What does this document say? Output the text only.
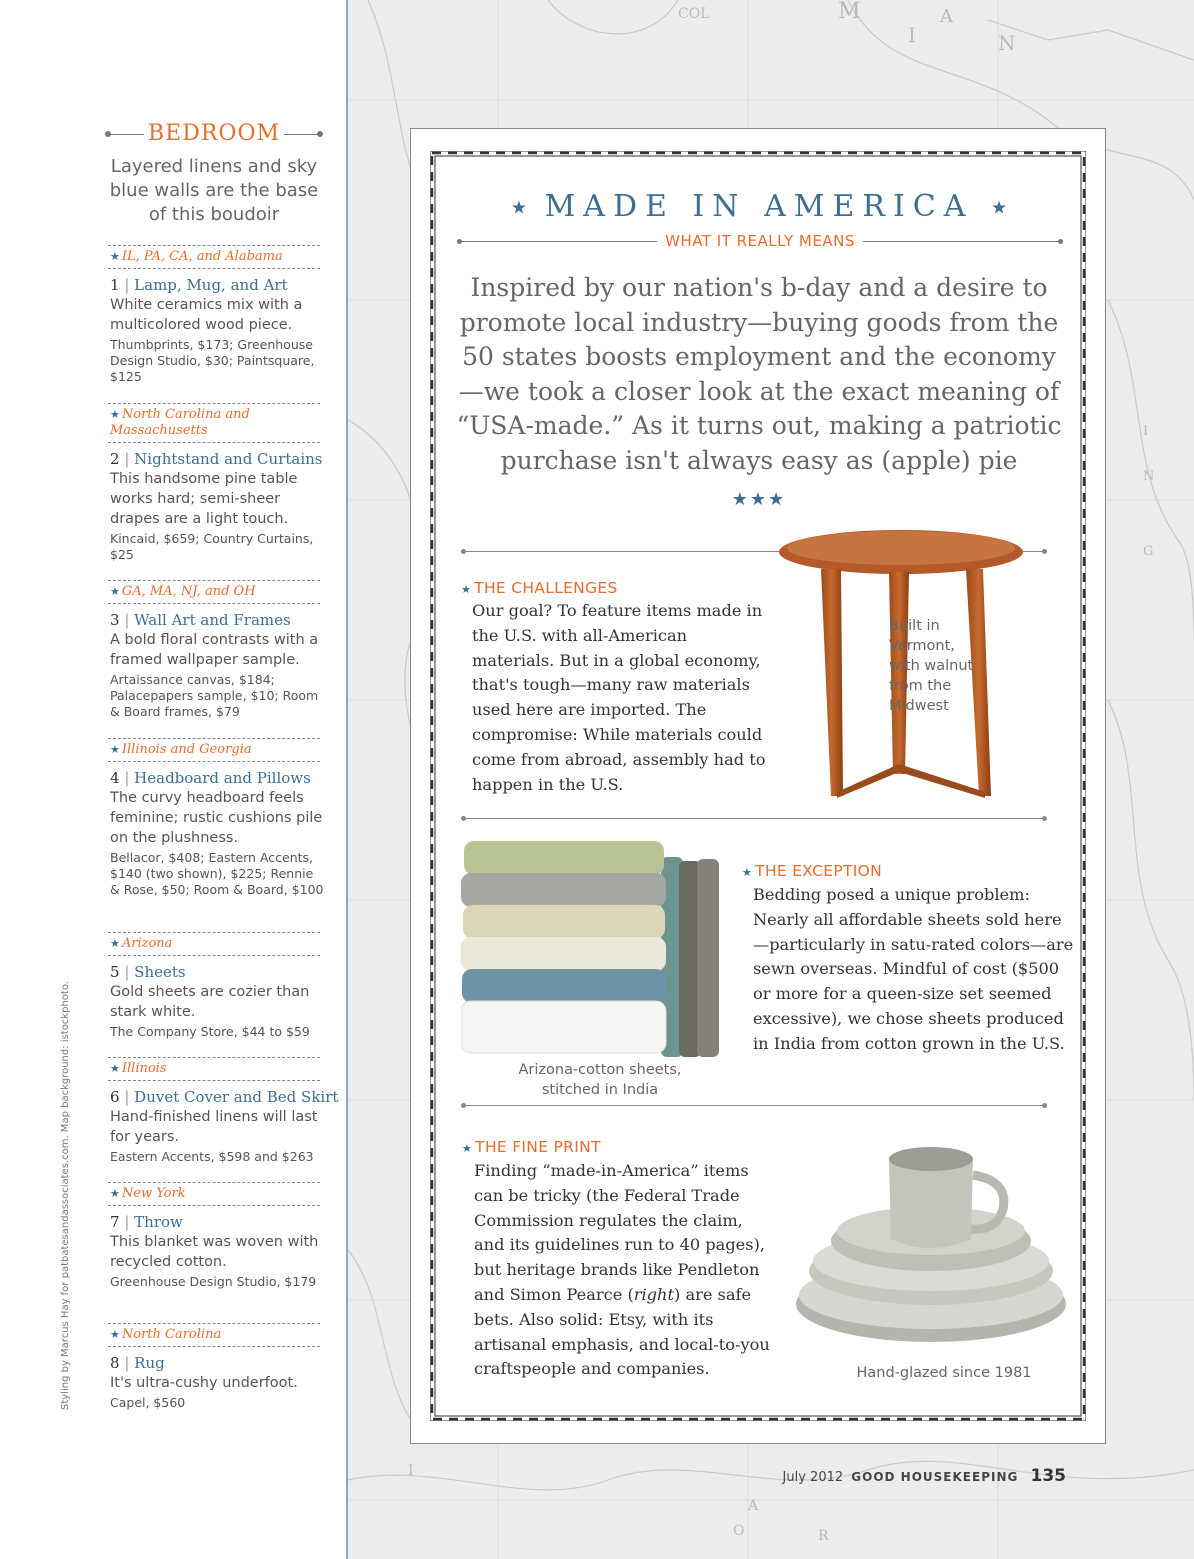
Styling by Marcus Hay for patbatesandassociates.com. Map background: istockphoto.
BEDROOM
Layered linens and sky blue walls are the base of this boudoir
★ IL, PA, CA, and Alabama
1 | Lamp, Mug, and Art
White ceramics mix with a multicolored wood piece.
Thumbprints, $173; Greenhouse Design Studio, $30; Paintsquare, $125
★ North Carolina and Massachusetts
2 | Nightstand and Curtains
This handsome pine table works hard; semi-sheer drapes are a light touch.
Kincaid, $659; Country Curtains, $25
★ GA, MA, NJ, and OH
3 | Wall Art and Frames
A bold floral contrasts with a framed wallpaper sample.
Artaissance canvas, $184; Palacepapers sample, $10; Room & Board frames, $79
★ Illinois and Georgia
4 | Headboard and Pillows
The curvy headboard feels feminine; rustic cushions pile on the plushness.
Bellacor, $408; Eastern Accents, $140 (two shown), $225; Rennie & Rose, $50; Room & Board, $100
★ Arizona
5 | Sheets
Gold sheets are cozier than stark white.
The Company Store, $44 to $59
★ Illinois
6 | Duvet Cover and Bed Skirt
Hand-finished linens will last for years.
Eastern Accents, $598 and $263
★ New York
7 | Throw
This blanket was woven with recycled cotton.
Greenhouse Design Studio, $179
★ North Carolina
8 | Rug
It's ultra-cushy underfoot.
Capel, $560
COL	M
I
A
N
I
N
G
I
A
O	R
★ MADE IN AMERICA ★
WHAT IT REALLY MEANS
Inspired by our nation's b-day and a desire to promote local industry—buying goods from the 50 states boosts employment and the economy—we took a closer look at the exact meaning of “USA-made.” As it turns out, making a patriotic purchase isn't always easy as (apple) pie
★★★
★ THE CHALLENGES
Our goal? To feature items made in the U.S. with all-American materials. But in a global economy, that's tough—many raw materials used here are imported. The compromise: While materials could come from abroad, assembly had to happen in the U.S.
Built in Vermont, with walnut from the Midwest
Arizona-cotton sheets, stitched in India
★ THE EXCEPTION
Bedding posed a unique problem: Nearly all affordable sheets sold here—particularly in satu-rated colors—are sewn overseas. Mindful of cost ($500 or more for a queen-size set seemed excessive), we chose sheets produced in India from cotton grown in the U.S.
★ THE FINE PRINT
Finding “made-in-America” items can be tricky (the Federal Trade Commission regulates the claim, and its guidelines run to 40 pages), but heritage brands like Pendleton and Simon Pearce (right) are safe bets. Also solid: Etsy, with its artisanal emphasis, and local-to-you craftspeople and companies.	Hand-glazed since 1981
July 2012 GOOD HOUSEKEEPING 135
